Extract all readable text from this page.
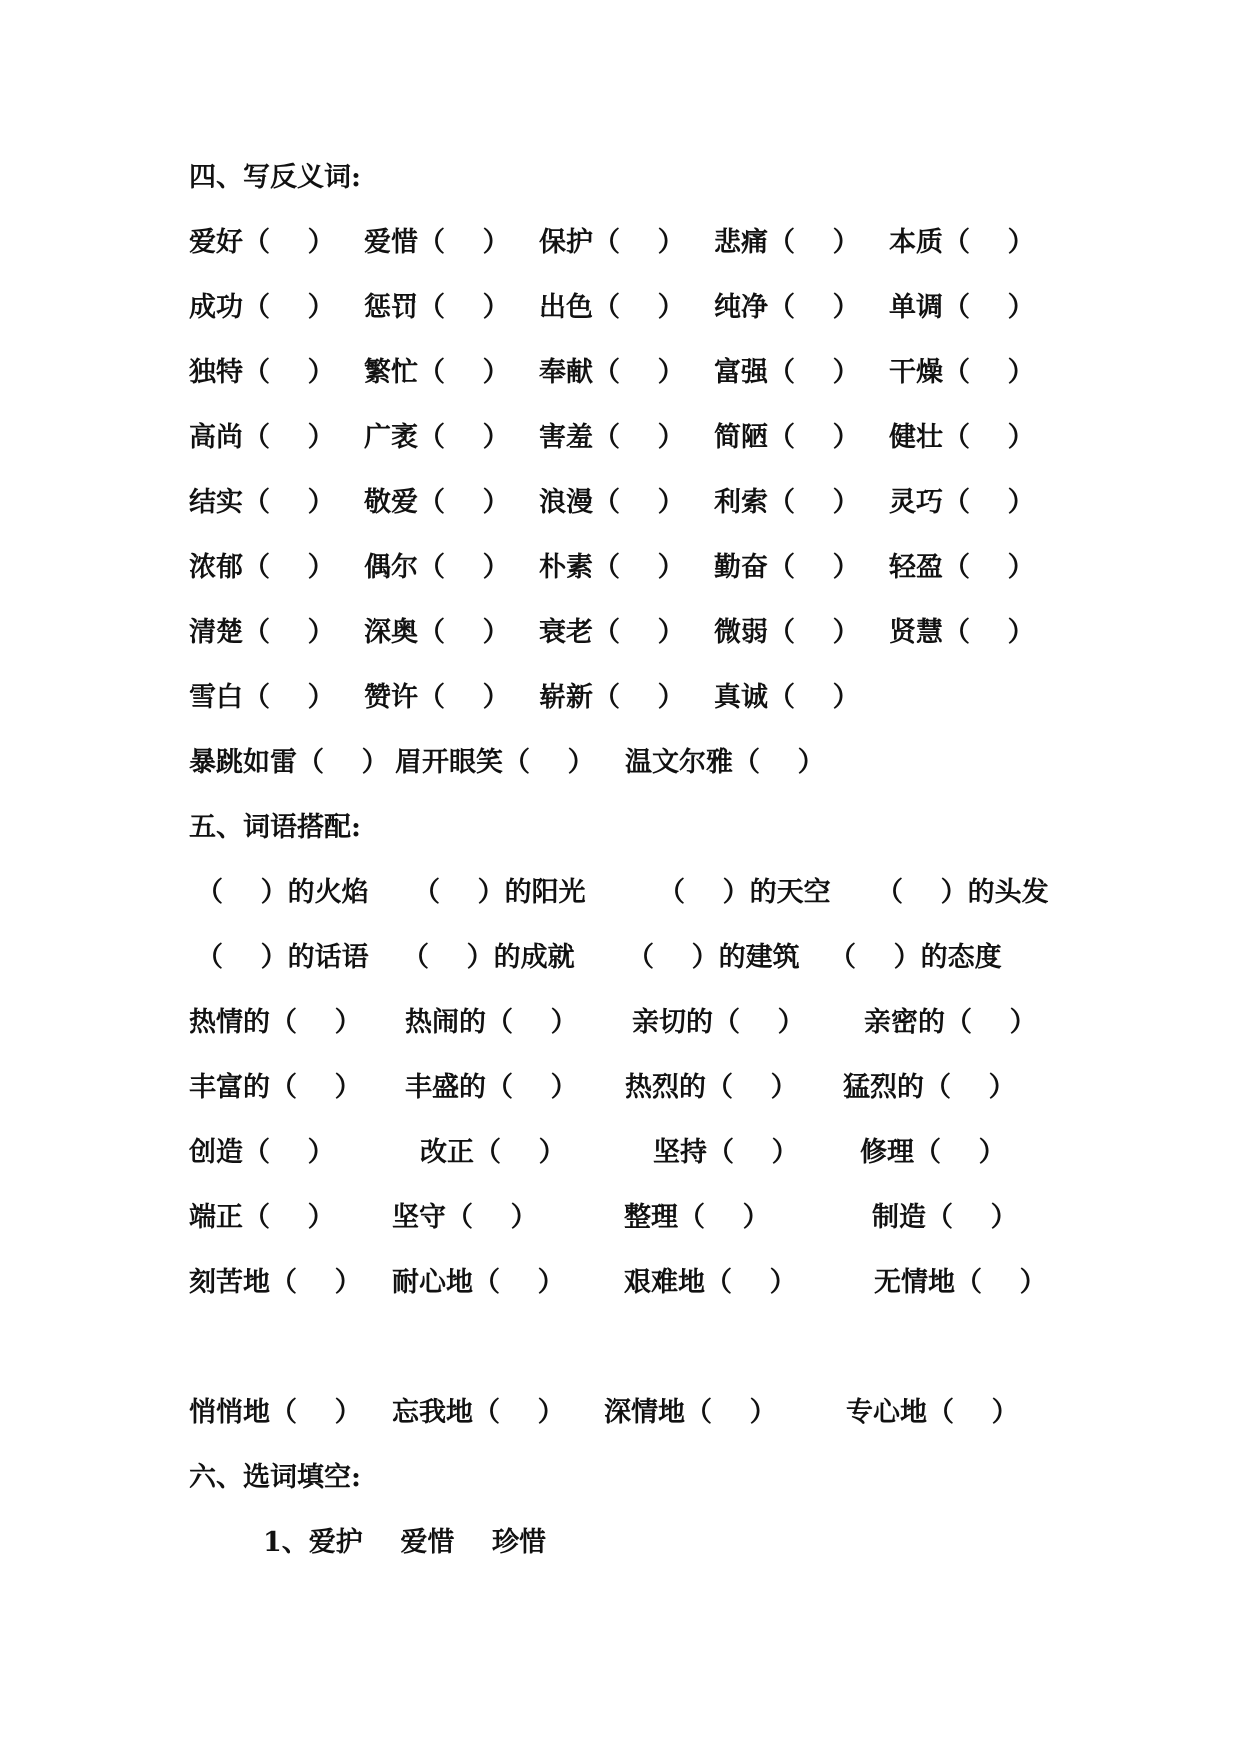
四、写反义词:
爱好（    ） 爱惜（    ） 保护（    ） 悲痛（    ） 本质（    ）
成功（    ） 惩罚（    ） 出色（    ） 纯净（    ） 单调（    ）
独特（    ） 繁忙（    ） 奉献（    ） 富强（    ） 干燥（    ）
高尚（    ） 广袤（    ） 害羞（    ） 简陋（    ） 健壮（    ）
结实（    ） 敬爱（    ） 浪漫（    ） 利索（    ） 灵巧（    ）
浓郁（    ） 偶尔（    ） 朴素（    ） 勤奋（    ） 轻盈（    ）
清楚（    ） 深奥（    ） 衰老（    ） 微弱（    ） 贤慧（    ）
雪白（    ） 赞许（    ） 崭新（    ） 真诚（    ）
暴跳如雷（    ） 眉开眼笑（    ） 温文尔雅（    ）
五、词语搭配:
（    ）的火焰 （    ）的阳光	（    ）的天空 （    ）的头发
（    ）的话语 （    ）的成就 （    ）的建筑 （    ）的态度
热情的（    ） 热闹的（    ） 亲切的（    ） 亲密的（    ）
丰富的（    ） 丰盛的（    ） 热烈的（    ） 猛烈的（    ）
创造（    ）	改正（    ）	坚持（    ） 修理（    ）
端正（    ） 坚守（    ）	整理（    ）	制造（    ）
刻苦地（    ） 耐心地（    ） 艰难地（    ）	无情地（    ）
悄悄地（    ） 忘我地（    ） 深情地（    ）	专心地（    ）
六、选词填空:
1、爱护    爱惜    珍惜
